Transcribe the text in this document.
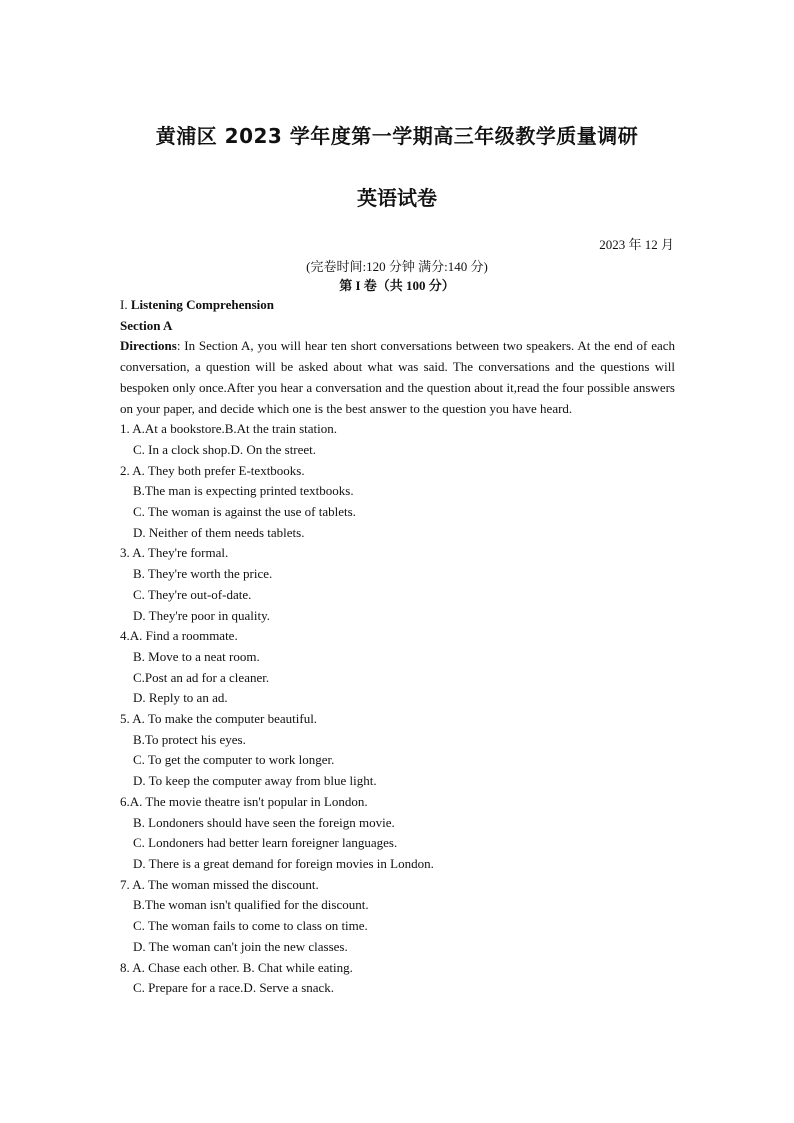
黄浦区 2023 学年度第一学期高三年级教学质量调研
英语试卷
2023 年 12 月
(完卷时间:120 分钟 满分:140 分)
第 I 卷（共 100 分）
I. Listening Comprehension
Section A
Directions: In Section A, you will hear ten short conversations between two speakers. At the end of each conversation, a question will be asked about what was said. The conversations and the questions will bespoken only once.After you hear a conversation and the question about it,read the four possible answers on your paper, and decide which one is the best answer to the question you have heard.
1. A.At a bookstore.B.At the train station.
C. In a clock shop.D. On the street.
2. A. They both prefer E-textbooks.
B.The man is expecting printed textbooks.
C. The woman is against the use of tablets.
D. Neither of them needs tablets.
3. A. They're formal.
B. They're worth the price.
C. They're out-of-date.
D. They're poor in quality.
4.A. Find a roommate.
B. Move to a neat room.
C.Post an ad for a cleaner.
D. Reply to an ad.
5. A. To make the computer beautiful.
B.To protect his eyes.
C. To get the computer to work longer.
D. To keep the computer away from blue light.
6.A. The movie theatre isn't popular in London.
B. Londoners should have seen the foreign movie.
C. Londoners had better learn foreigner languages.
D. There is a great demand for foreign movies in London.
7. A. The woman missed the discount.
B.The woman isn't qualified for the discount.
C. The woman fails to come to class on time.
D. The woman can't join the new classes.
8. A. Chase each other. B. Chat while eating.
C. Prepare for a race.D. Serve a snack.
